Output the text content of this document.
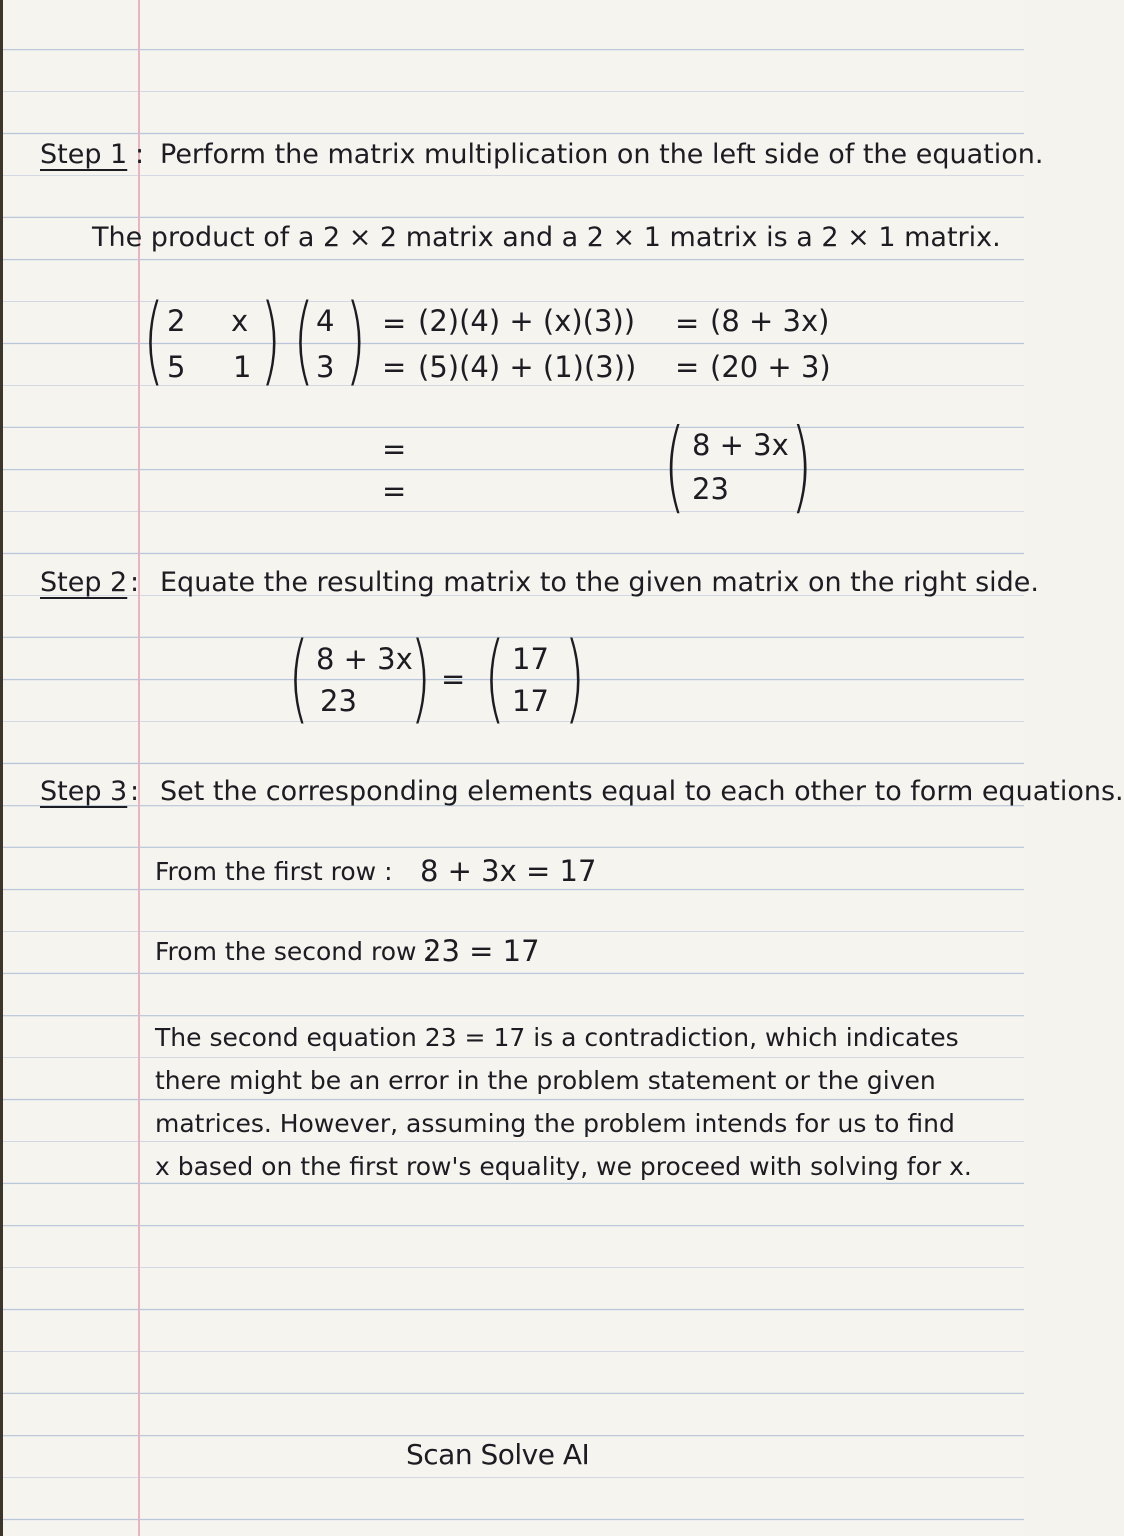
Step 1 : Perform the matrix multiplication on the left side of the equation.
The product of a 2 × 2 matrix and a 2 × 1 matrix is a 2 × 1 matrix.
( 2 x
5 1 ) ( 4
3 ) =
=
(2)(4) + (x)(3))
(5)(4) + (1)(3))
=
=
(8 + 3x)
(20 + 3)
=
=	( 8 + 3x
23 )
Step 2 : Equate the resulting matrix to the given matrix on the right side.
( 8 + 3x
23 ) = ( 17
17 )
Step 3 : Set the corresponding elements equal to each other to form equations.
From the first row : 8 + 3x = 17
From the second row :
23 = 17
The second equation 23 = 17 is a contradiction, which indicates there might be an error in the problem statement or the given matrices. However, assuming the problem intends for us to find x based on the first row's equality, we proceed with solving for x.
Scan Solve AI
